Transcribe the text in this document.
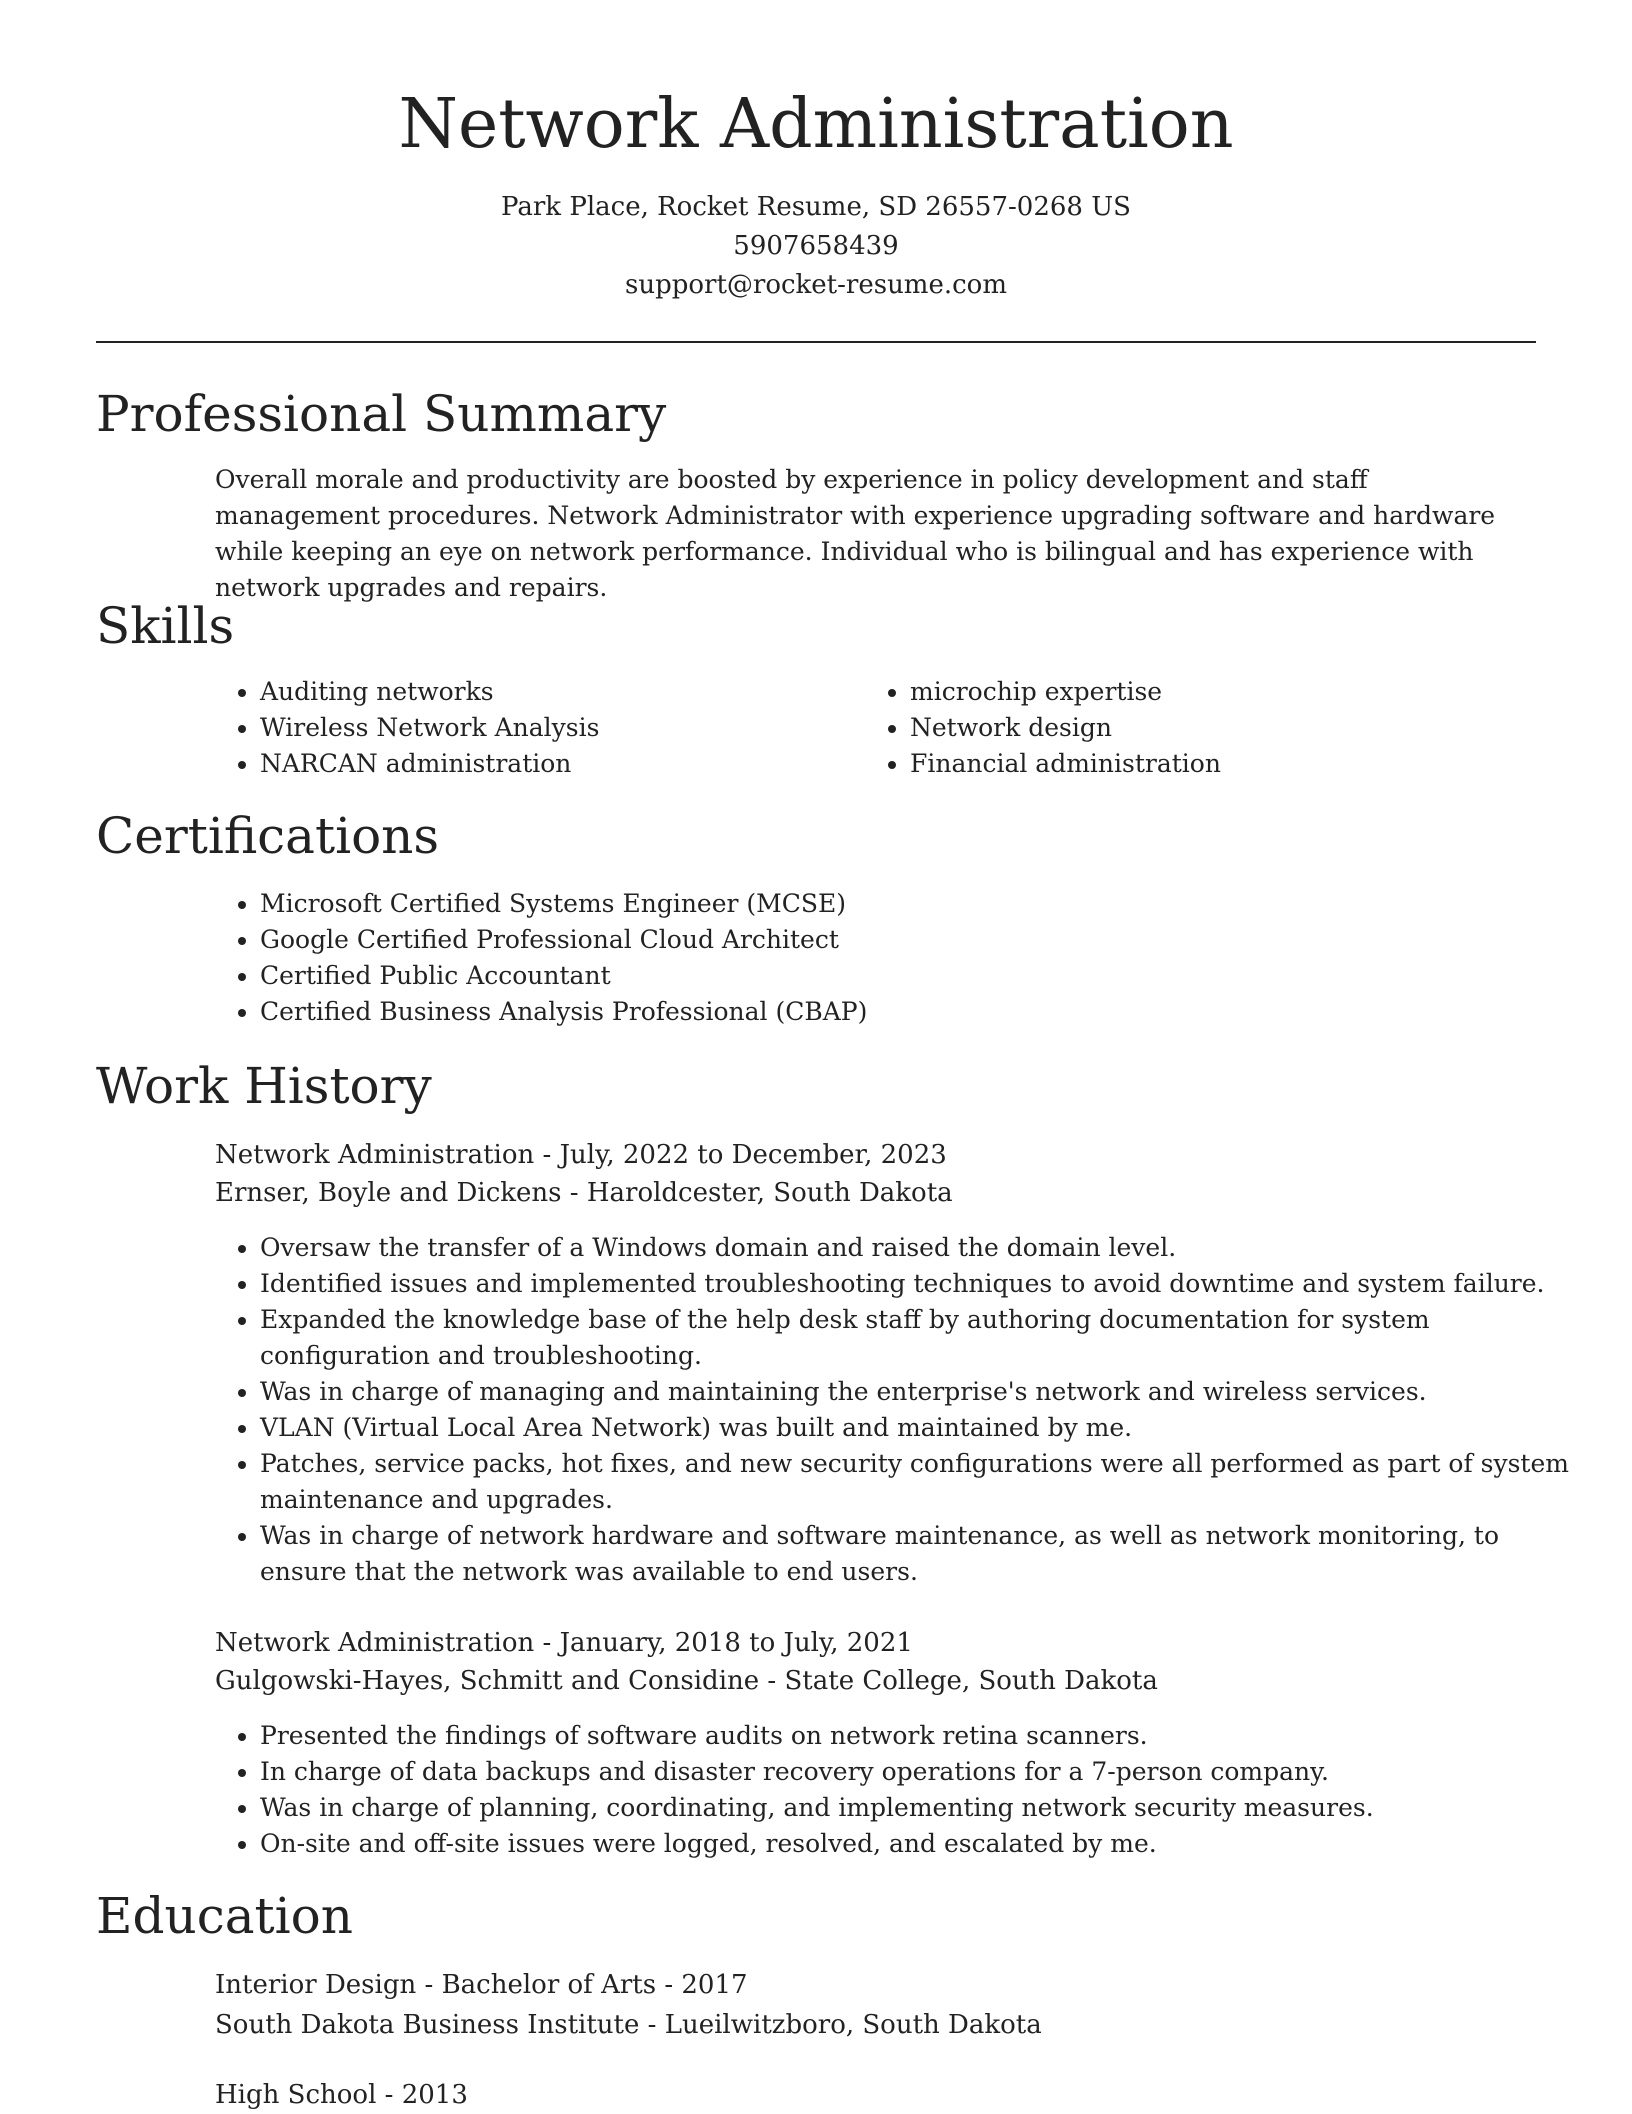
Network Administration
Park Place, Rocket Resume, SD 26557-0268 US
5907658439
support@rocket-resume.com
Professional Summary
Overall morale and productivity are boosted by experience in policy development and staff management procedures. Network Administrator with experience upgrading software and hardware while keeping an eye on network performance. Individual who is bilingual and has experience with network upgrades and repairs.
Skills
• Auditing networks
• Wireless Network Analysis
• NARCAN administration
• microchip expertise
• Network design
• Financial administration
Certifications
• Microsoft Certified Systems Engineer (MCSE)
• Google Certified Professional Cloud Architect
• Certified Public Accountant
• Certified Business Analysis Professional (CBAP)
Work History
Network Administration - July, 2022 to December, 2023
Ernser, Boyle and Dickens - Haroldcester, South Dakota
• Oversaw the transfer of a Windows domain and raised the domain level.
• Identified issues and implemented troubleshooting techniques to avoid downtime and system failure.
• Expanded the knowledge base of the help desk staff by authoring documentation for system configuration and troubleshooting.
• Was in charge of managing and maintaining the enterprise's network and wireless services.
• VLAN (Virtual Local Area Network) was built and maintained by me.
• Patches, service packs, hot fixes, and new security configurations were all performed as part of system maintenance and upgrades.
• Was in charge of network hardware and software maintenance, as well as network monitoring, to ensure that the network was available to end users.
Network Administration - January, 2018 to July, 2021
Gulgowski-Hayes, Schmitt and Considine - State College, South Dakota
• Presented the findings of software audits on network retina scanners.
• In charge of data backups and disaster recovery operations for a 7-person company.
• Was in charge of planning, coordinating, and implementing network security measures.
• On-site and off-site issues were logged, resolved, and escalated by me.
Education
Interior Design - Bachelor of Arts - 2017
South Dakota Business Institute - Lueilwitzboro, South Dakota
High School - 2013
